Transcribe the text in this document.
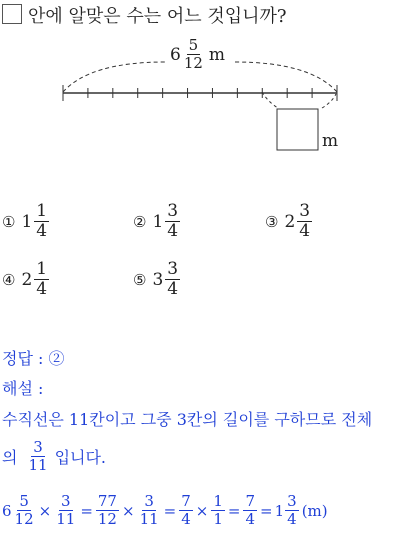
안에 알맞은 수는 어느 것입니까?
$6 \frac{5}{12}$ m
m
① $1 \frac{1}{4}$	② $1 \frac{3}{4}$	③ $2 \frac{3}{4}$
④ $2 \frac{1}{4}$	⑤ $3 \frac{3}{4}$
정답 : ②
해설 :
수직선은 11칸이고 그중 3칸의 길이를 구하므로 전체
의 $\frac{3}{11}$ 입니다.
$6 \frac{5}{12} \times \frac{3}{11} = \frac{77}{12} \times \frac{3}{11} = \frac{7}{4} \times \frac{1}{1} = \frac{7}{4} = 1 \frac{3}{4} (m)$
